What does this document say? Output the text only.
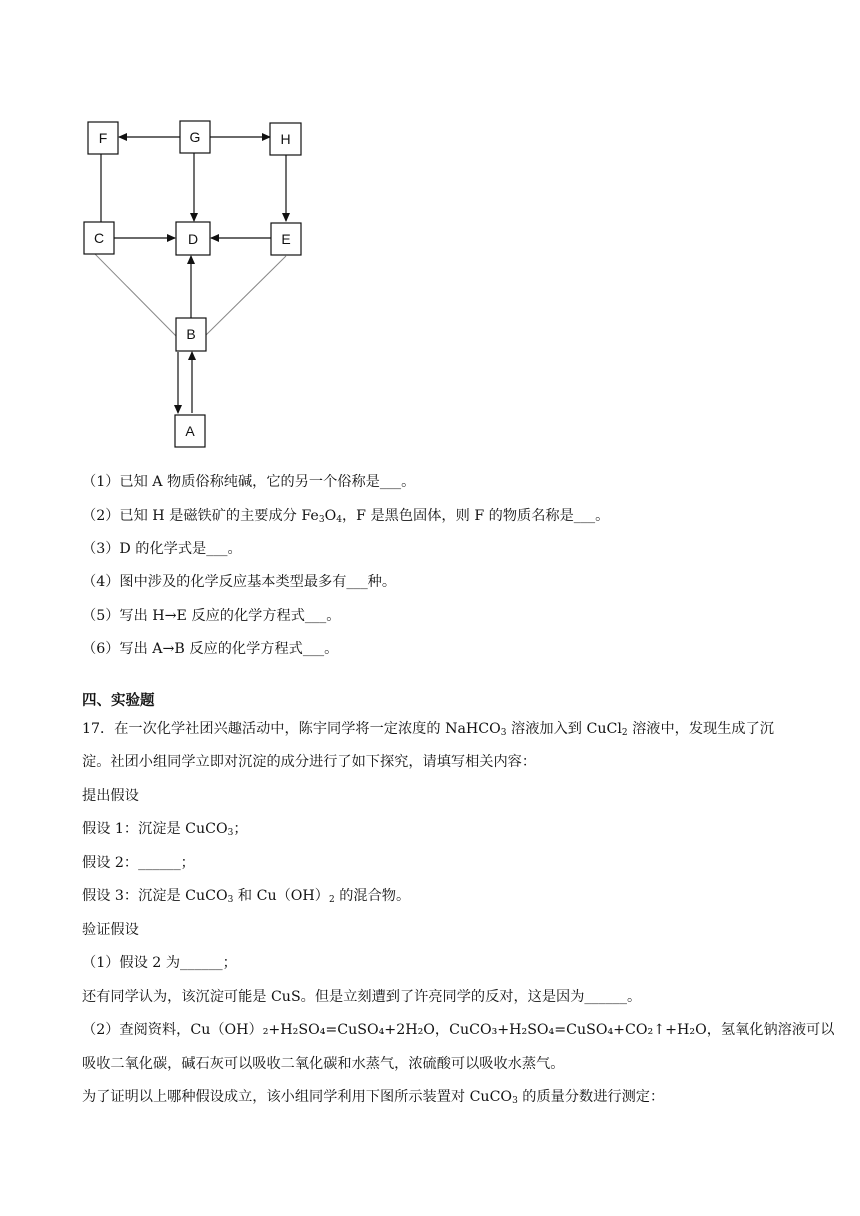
F	G	H
C	D	E
B
A
（1）已知 A 物质俗称纯碱，它的另一个俗称是___。
（2）已知 H 是磁铁矿的主要成分 $Fe_3O_4$，F 是黑色固体，则 F 的物质名称是___。
（3）D 的化学式是___。
（4）图中涉及的化学反应基本类型最多有___种。
（5）写出 H→E 反应的化学方程式___。
（6）写出 A→B 反应的化学方程式___。
四、实验题
17．在一次化学社团兴趣活动中，陈宇同学将一定浓度的 NaHCO$_3$ 溶液加入到 CuCl$_2$ 溶液中，发现生成了沉
淀。社团小组同学立即对沉淀的成分进行了如下探究，请填写相关内容：
提出假设
假设 1：沉淀是 CuCO$_3$；
假设 2：______；
假设 3：沉淀是 CuCO$_3$ 和 $Cu(OH)_2$ 的混合物。
验证假设
（1）假设 2 为______；
还有同学认为，该沉淀可能是 CuS。但是立刻遭到了许亮同学的反对，这是因为______。
（2）查阅资料，Cu（OH）₂+H₂SO₄=CuSO₄+2H₂O，CuCO₃+H₂SO₄=CuSO₄+CO₂↑+H₂O，氢氧化钠溶液可以
吸收二氧化碳，碱石灰可以吸收二氧化碳和水蒸气，浓硫酸可以吸收水蒸气。
为了证明以上哪种假设成立，该小组同学利用下图所示装置对 CuCO$_3$ 的质量分数进行测定：
